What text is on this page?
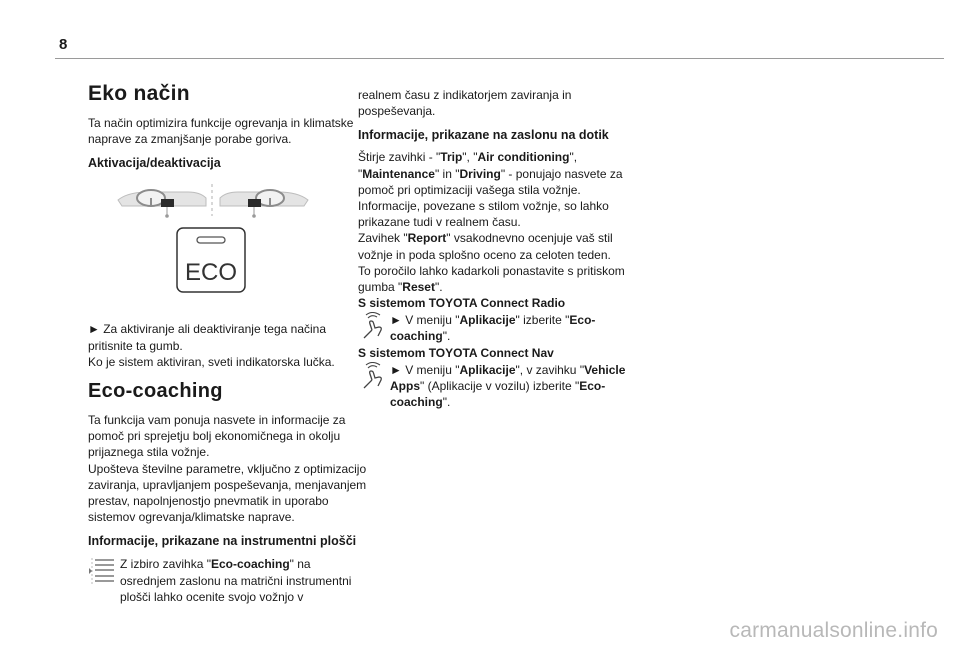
8
Eko način

Ta način optimizira funkcije ogrevanja in klimatske naprave za zmanjšanje porabe goriva.

Aktivacija/deaktivacija
ECO

► Za aktiviranje ali deaktiviranje tega načina pritisnite ta gumb.

Ko je sistem aktiviran, sveti indikatorska lučka.

Eco-coaching

Ta funkcija vam ponuja nasvete in informacije za pomoč pri sprejetju bolj ekonomičnega in okolju prijaznega stila vožnje.

Upošteva številne parametre, vključno z optimizacijo zaviranja, upravljanjem pospeševanja, menjavanjem prestav, napolnjenostjo pnevmatik in uporabo sistemov ogrevanja/klimatske naprave.

Informacije, prikazane na instrumentni plošči

Z izbiro zavihka "Eco-coaching" na osrednjem zaslonu na matrični instrumentni plošči lahko ocenite svojo vožnjo v

realnem času z indikatorjem zaviranja in pospeševanja.

Informacije, prikazane na zaslonu na dotik

Štirje zavihki - "Trip", "Air conditioning", "Maintenance" in "Driving" - ponujajo nasvete za pomoč pri optimizaciji vašega stila vožnje.

Informacije, povezane s stilom vožnje, so lahko prikazane tudi v realnem času.

Zavihek "Report" vsakodnevno ocenjuje vaš stil vožnje in poda splošno oceno za celoten teden.

To poročilo lahko kadarkoli ponastavite s pritiskom gumba "Reset".

S sistemom TOYOTA Connect Radio

► V meniju "Aplikacije" izberite "Eco-coaching".

S sistemom TOYOTA Connect Nav

► V meniju "Aplikacije", v zavihku "Vehicle Apps" (Aplikacije v vozilu) izberite "Eco-coaching".

carmanualsonline.info
